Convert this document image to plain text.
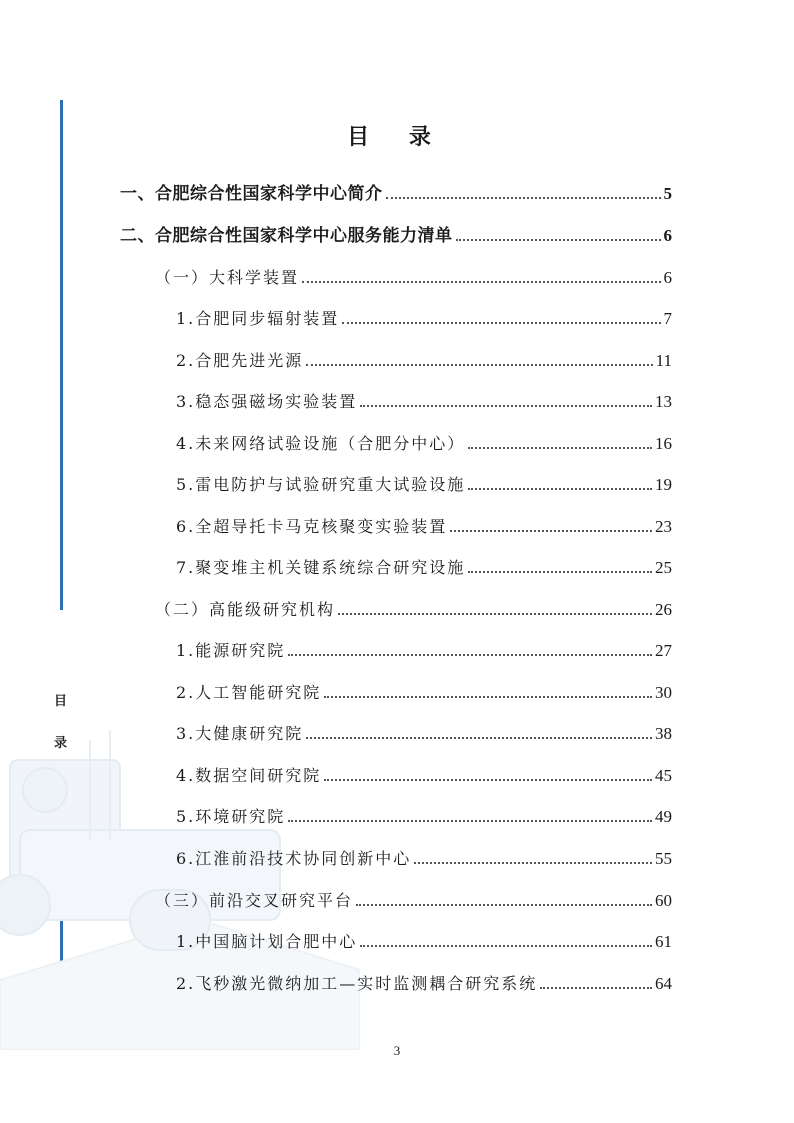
目
录
目 录
一、合肥综合性国家科学中心简介	5
二、合肥综合性国家科学中心服务能力清单	6
（一）大科学装置	6
1.合肥同步辐射装置	7
2.合肥先进光源	11
3.稳态强磁场实验装置	13
4.未来网络试验设施（合肥分中心）	16
5.雷电防护与试验研究重大试验设施	19
6.全超导托卡马克核聚变实验装置	23
7.聚变堆主机关键系统综合研究设施	25
（二）高能级研究机构	26
1.能源研究院	27
2.人工智能研究院	30
3.大健康研究院	38
4.数据空间研究院	45
5.环境研究院	49
6.江淮前沿技术协同创新中心	55
（三）前沿交叉研究平台	60
1.中国脑计划合肥中心	61
2.飞秒激光微纳加工—实时监测耦合研究系统	64
3
